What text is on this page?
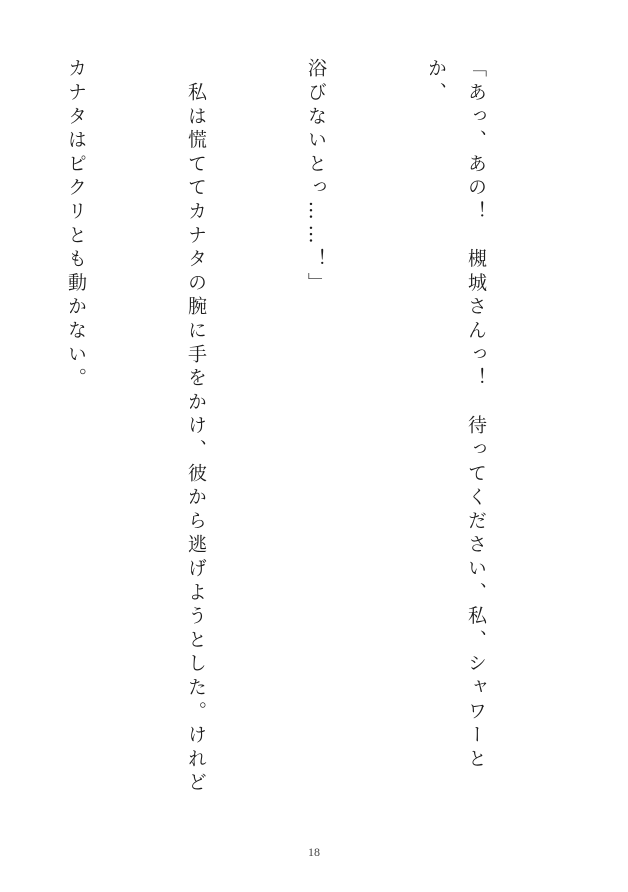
「あっ、あの！　槻城さんっ！　待ってください、私、シャワーとか、

浴びないとっ……！」

　私は慌ててカナタの腕に手をかけ、彼から逃げようとした。けれど

カナタはピクリとも動かない。

18
